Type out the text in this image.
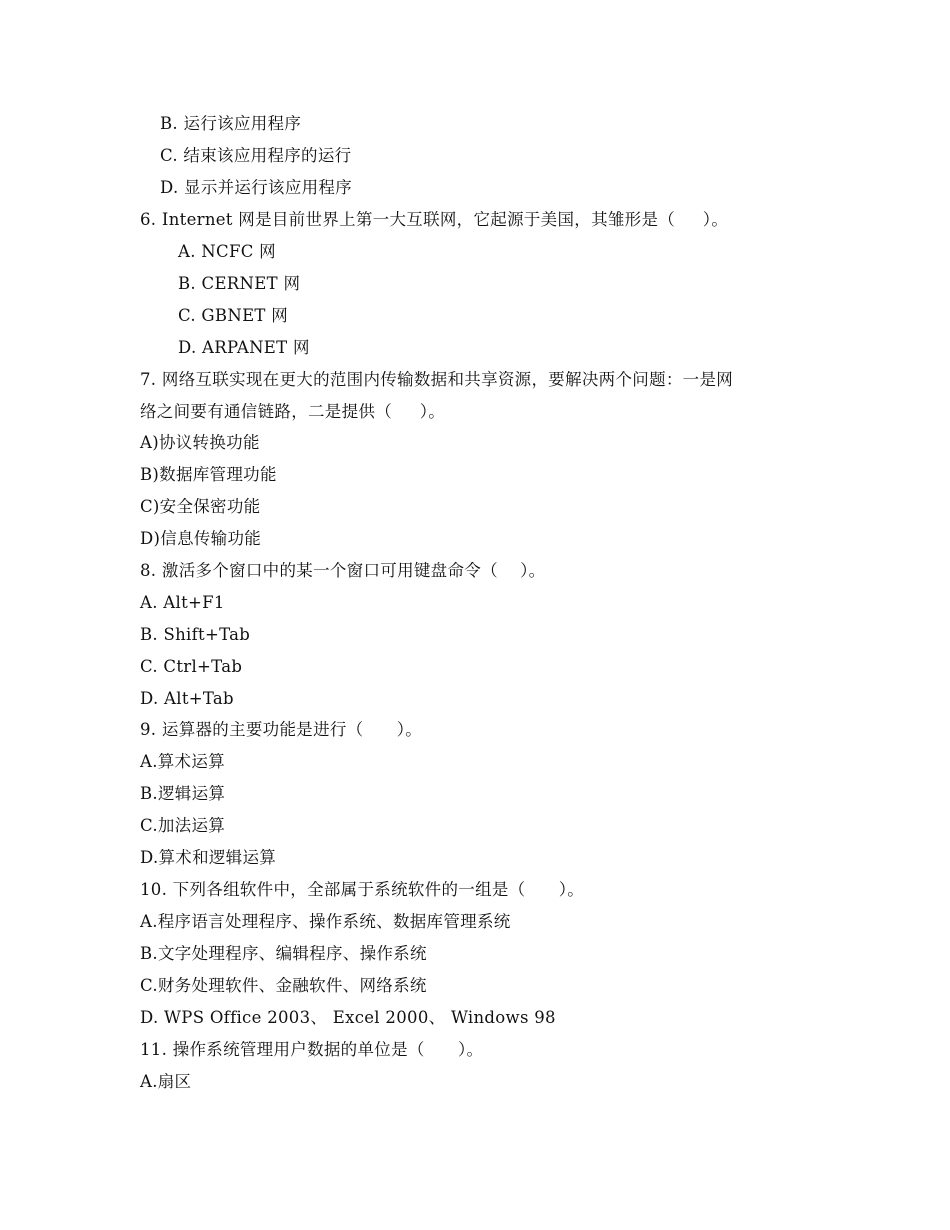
B. 运行该应用程序
C. 结束该应用程序的运行
D. 显示并运行该应用程序
6. Internet 网是目前世界上第一大互联网，它起源于美国，其雏形是（     ）。
A. NCFC 网
B. CERNET 网
C. GBNET 网
D. ARPANET 网
7. 网络互联实现在更大的范围内传输数据和共享资源，要解决两个问题：一是网
络之间要有通信链路，二是提供（     ）。
A)协议转换功能
B)数据库管理功能
C)安全保密功能
D)信息传输功能
8. 激活多个窗口中的某一个窗口可用键盘命令（    ）。
A. Alt+F1
B. Shift+Tab
C. Ctrl+Tab
D. Alt+Tab
9. 运算器的主要功能是进行（      ）。
A.算术运算
B.逻辑运算
C.加法运算
D.算术和逻辑运算
10. 下列各组软件中，全部属于系统软件的一组是（      ）。
A.程序语言处理程序、操作系统、数据库管理系统
B.文字处理程序、编辑程序、操作系统
C.财务处理软件、金融软件、网络系统
D. WPS Office 2003、 Excel 2000、 Windows 98
11. 操作系统管理用户数据的单位是（      ）。
A.扇区
